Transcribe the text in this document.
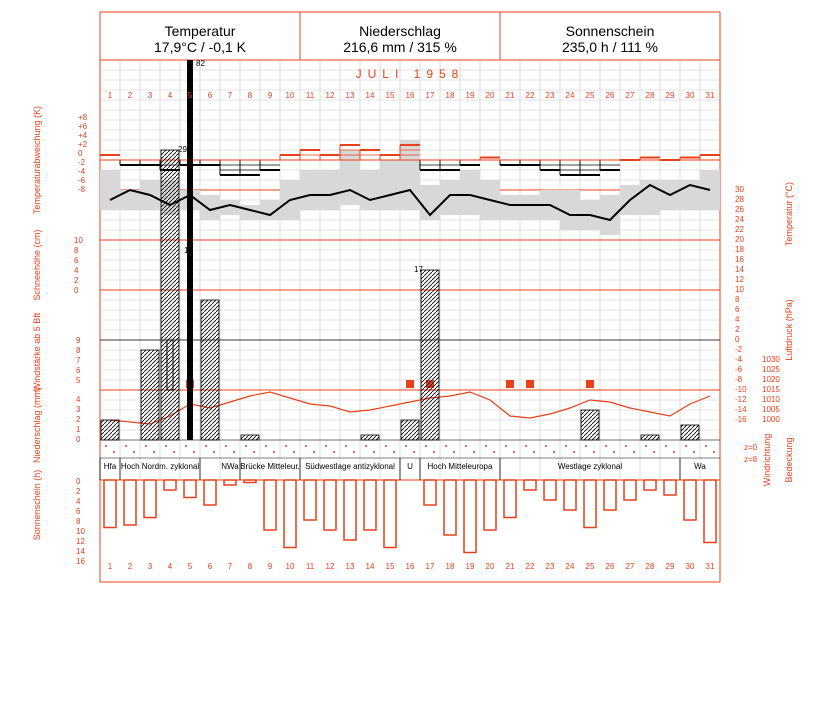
Temperatur
17,9°C / -0,1 K
Niederschlag
216,6 mm / 315 %
Sonnenschein
235,0 h / 111 %
JULI 1958
1
1
2
2
3
3
4
4
5
5
6
6
7
7
8
8
9
9
10
10
11
11
12
12
13
13
14
14
15
15
16
16
17
17
18
18
19
19
20
20
21
21
22
22
23
23
24
24
25
25
26
26
27
27
28
28
29
29
30
30
31
31
82
29
17
19
Hfa Hoch Nordm. zyklonal	NWa Brücke Mitteleur. Südwestlage antizyklonal U Hoch Mitteleuropa	Westlage zyklonal	Wa
+8
+6
+4
+2
0
-2
-4
-6
-8	30
28
26
24
22
20
18
16
14
12
10
8
6
4
2
0
-2
-4
-6
-8
-10
-12
-14
-16
10
8
6
4
2
0
9
8
7
6
5
4
3
2
1
0
1030
1025
1020
1015
1010
1005
1000
0
2
4
6
8
10
12
14
16
z=0
z=8
Temperaturabweichung (K)
Schneehöhe (cm)
Windstärke ab 5 Bft
Niederschlag (mm)
Sonnenschein (h)
Temperatur (°C)
Luftdruck (hPa)
Windrichtung Bedeckung
